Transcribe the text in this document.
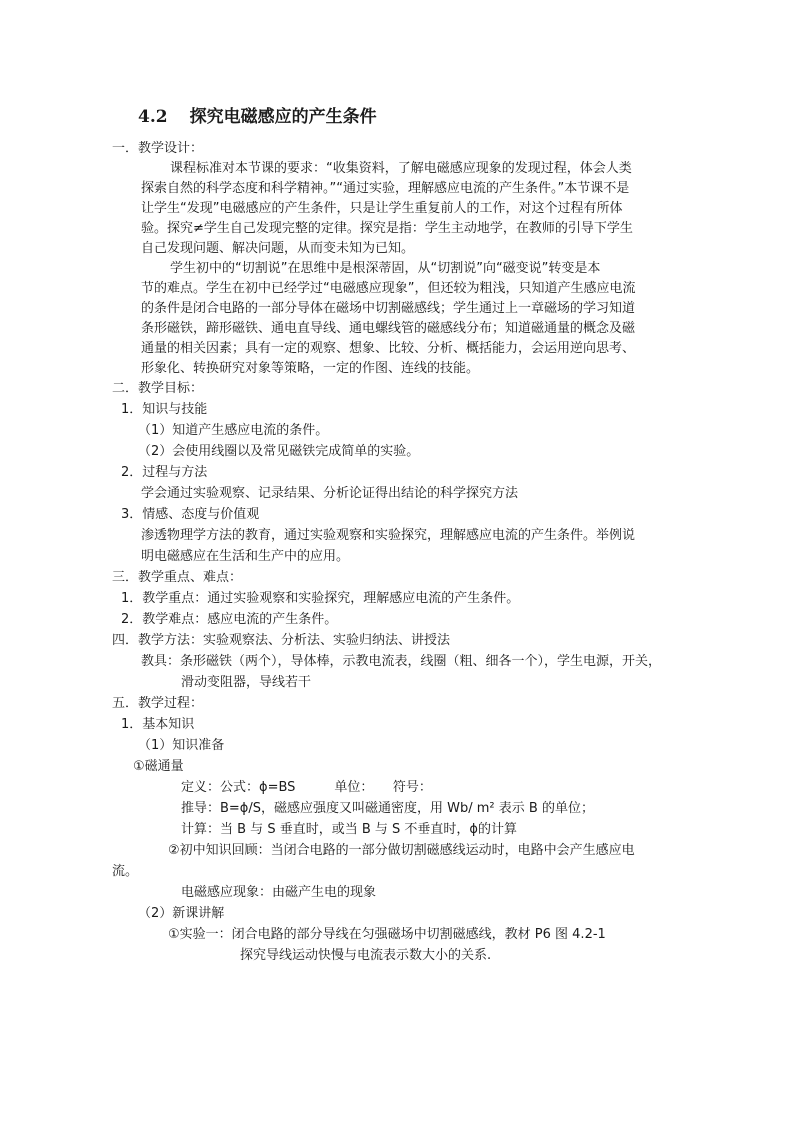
4.2 探究电磁感应的产生条件
一．教学设计：
课程标准对本节课的要求：“收集资料，了解电磁感应现象的发现过程，体会人类
探索自然的科学态度和科学精神。”“通过实验，理解感应电流的产生条件。”本节课不是
让学生“发现”电磁感应的产生条件，只是让学生重复前人的工作，对这个过程有所体
验。探究≠学生自己发现完整的定律。探究是指：学生主动地学，在教师的引导下学生
自己发现问题、解决问题，从而变未知为已知。
学生初中的“切割说”在思维中是根深蒂固，从“切割说”向“磁变说”转变是本
节的难点。学生在初中已经学过“电磁感应现象”，但还较为粗浅，只知道产生感应电流
的条件是闭合电路的一部分导体在磁场中切割磁感线；学生通过上一章磁场的学习知道
条形磁铁，蹄形磁铁、通电直导线、通电螺线管的磁感线分布；知道磁通量的概念及磁
通量的相关因素；具有一定的观察、想象、比较、分析、概括能力，会运用逆向思考、
形象化、转换研究对象等策略，一定的作图、连线的技能。
二．教学目标：
1．知识与技能
（1）知道产生感应电流的条件。
（2）会使用线圈以及常见磁铁完成简单的实验。
2．过程与方法
学会通过实验观察、记录结果、分析论证得出结论的科学探究方法
3．情感、态度与价值观
渗透物理学方法的教育，通过实验观察和实验探究，理解感应电流的产生条件。举例说
明电磁感应在生活和生产中的应用。
三．教学重点、难点：
1．教学重点：通过实验观察和实验探究，理解感应电流的产生条件。
2．教学难点：感应电流的产生条件。
四．教学方法：实验观察法、分析法、实验归纳法、讲授法
教具：条形磁铁（两个），导体棒，示教电流表，线圈（粗、细各一个），学生电源，开关，
滑动变阻器，导线若干
五．教学过程：
1．基本知识
（1）知识准备
①磁通量
定义：公式：ϕ=BS　　　单位：　　符号：
推导：B=ϕ/S，磁感应强度又叫磁通密度，用 Wb/ m² 表示 B 的单位；
计算：当 B 与 S 垂直时，或当 B 与 S 不垂直时，ϕ的计算
②初中知识回顾：当闭合电路的一部分做切割磁感线运动时，电路中会产生感应电
流。
电磁感应现象：由磁产生电的现象
（2）新课讲解
①实验一：闭合电路的部分导线在匀强磁场中切割磁感线，教材 P6 图 4.2-1
探究导线运动快慢与电流表示数大小的关系.
